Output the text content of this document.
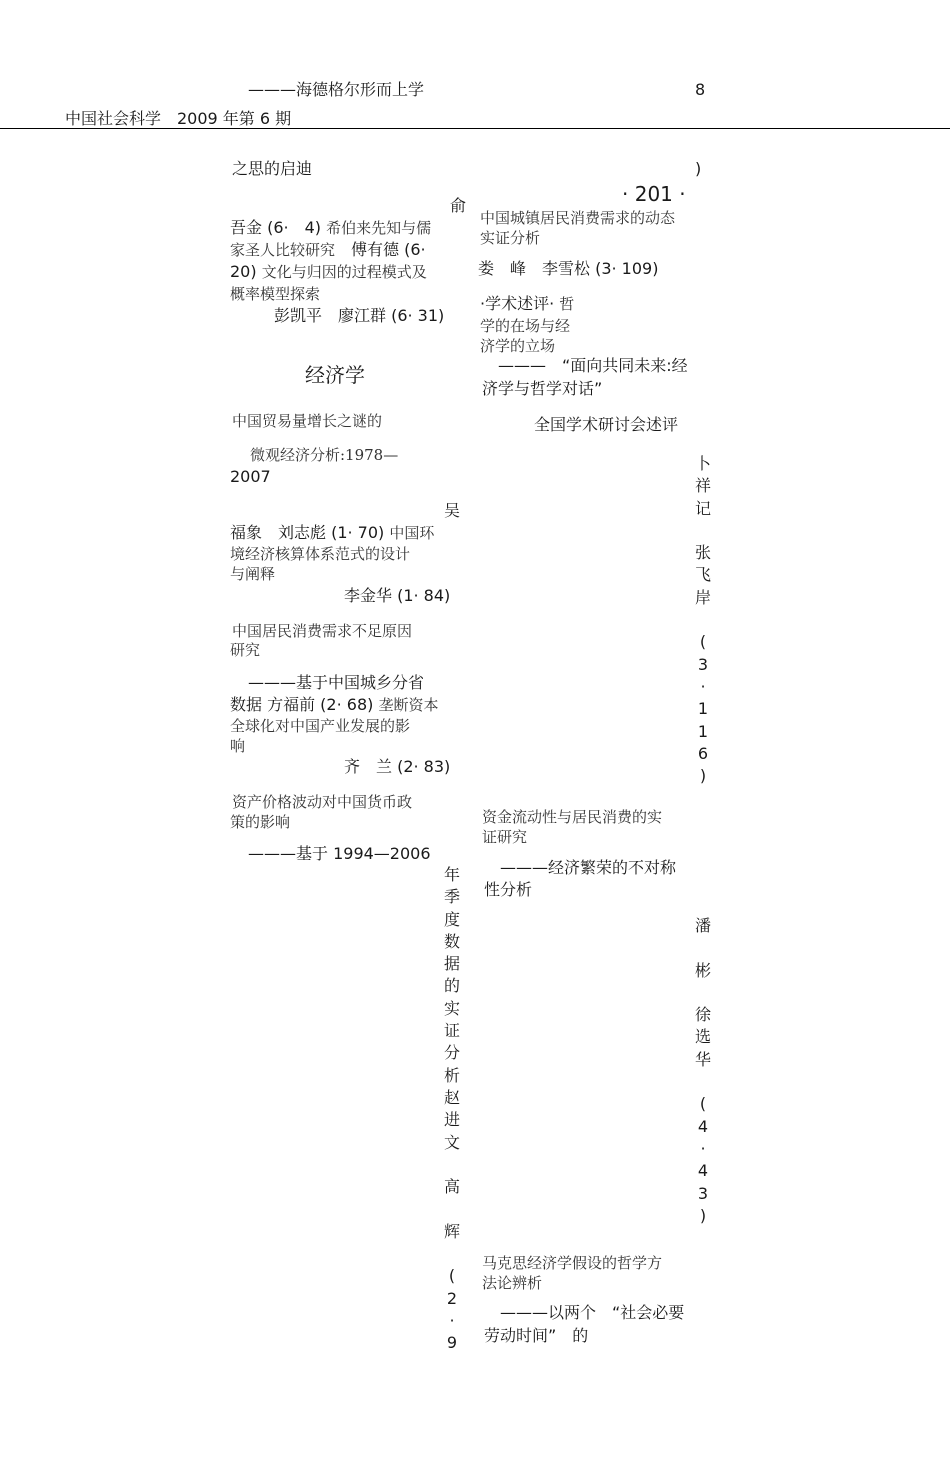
———海德格尔形而上学	8
中国社会科学　2009 年第 6 期
之思的启迪
俞
吾金 (6·　4) 希伯来先知与儒
家圣人比较研究　 傅有德 (6·
20) 文化与归因的过程模式及
概率模型探索
彭凯平　廖江群 (6· 31)
经济学
中国贸易量增长之谜的
微观经济分析:1978—
2007
吴
福象　刘志彪 (1· 70) 中国环
境经济核算体系范式的设计
与阐释
李金华 (1· 84)
中国居民消费需求不足原因
研究
———基于中国城乡分省
数据 方福前 (2· 68) 垄断资本
全球化对中国产业发展的影
响
齐　兰 (2· 83)
资产价格波动对中国货币政
策的影响
———基于 1994—2006
年
季
度
数
据
的
实
证
分
析
赵
进
文

高

辉

(
2
·
9
)
· 201 ·
中国城镇居民消费需求的动态
实证分析
娄　峰　李雪松 (3· 109)
·学术述评· 哲
学的在场与经
济学的立场
———　“面向共同未来:经
济学与哲学对话”
全国学术研讨会述评
卜
祥
记

张
飞
岸

(
3
·
1
1
6
)
资金流动性与居民消费的实
证研究
———经济繁荣的不对称
性分析
潘

彬

徐
选
华

(
4
·
4
3
)
马克思经济学假设的哲学方
法论辨析
———以两个　“社会必要
劳动时间”　的
